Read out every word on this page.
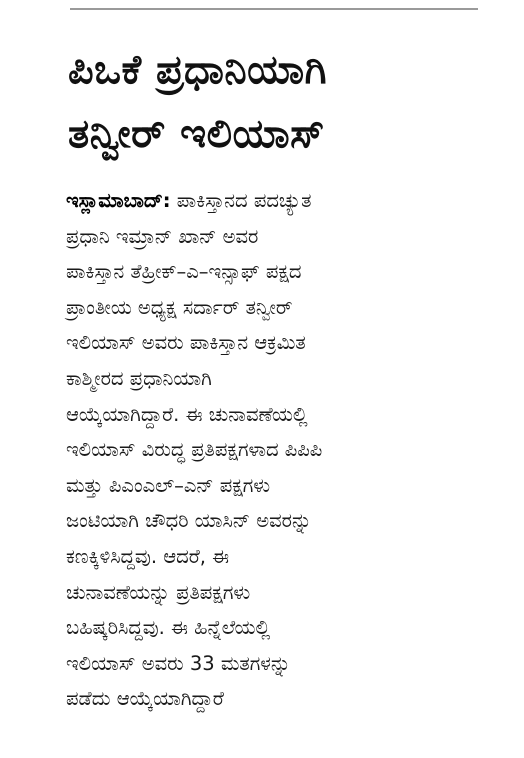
ಪಿಒಕೆ ಪ್ರಧಾನಿಯಾಗಿ
ತನ್ವೀರ್ ಇಲಿಯಾಸ್
ಇಸ್ಲಾಮಾಬಾದ್: ಪಾಕಿಸ್ತಾನದ ಪದಚ್ಯುತ
ಪ್ರಧಾನಿ ಇಮ್ರಾನ್ ಖಾನ್ ಅವರ
ಪಾಕಿಸ್ತಾನ ತೆಹ್ರೀಕ್–ಎ–ಇನ್ಸಾಫ್ ಪಕ್ಷದ
ಪ್ರಾಂತೀಯ ಅಧ್ಯಕ್ಷ ಸರ್ದಾರ್ ತನ್ವೀರ್
ಇಲಿಯಾಸ್ ಅವರು ಪಾಕಿಸ್ತಾನ ಆಕ್ರಮಿತ
ಕಾಶ್ಮೀರದ ಪ್ರಧಾನಿಯಾಗಿ
ಆಯ್ಕೆಯಾಗಿದ್ದಾರೆ. ಈ ಚುನಾವಣೆಯಲ್ಲಿ
ಇಲಿಯಾಸ್ ವಿರುದ್ಧ ಪ್ರತಿಪಕ್ಷಗಳಾದ ಪಿಪಿಪಿ
ಮತ್ತು ಪಿಎಂಎಲ್–ಎನ್ ಪಕ್ಷಗಳು
ಜಂಟಿಯಾಗಿ ಚೌಧರಿ ಯಾಸಿನ್ ಅವರನ್ನು
ಕಣಕ್ಕಿಳಿಸಿದ್ದವು. ಆದರೆ, ಈ
ಚುನಾವಣೆಯನ್ನು ಪ್ರತಿಪಕ್ಷಗಳು
ಬಹಿಷ್ಕರಿಸಿದ್ದವು. ಈ ಹಿನ್ನೆಲೆಯಲ್ಲಿ
ಇಲಿಯಾಸ್ ಅವರು 33 ಮತಗಳನ್ನು
ಪಡೆದು ಆಯ್ಕೆಯಾಗಿದ್ದಾರೆ
